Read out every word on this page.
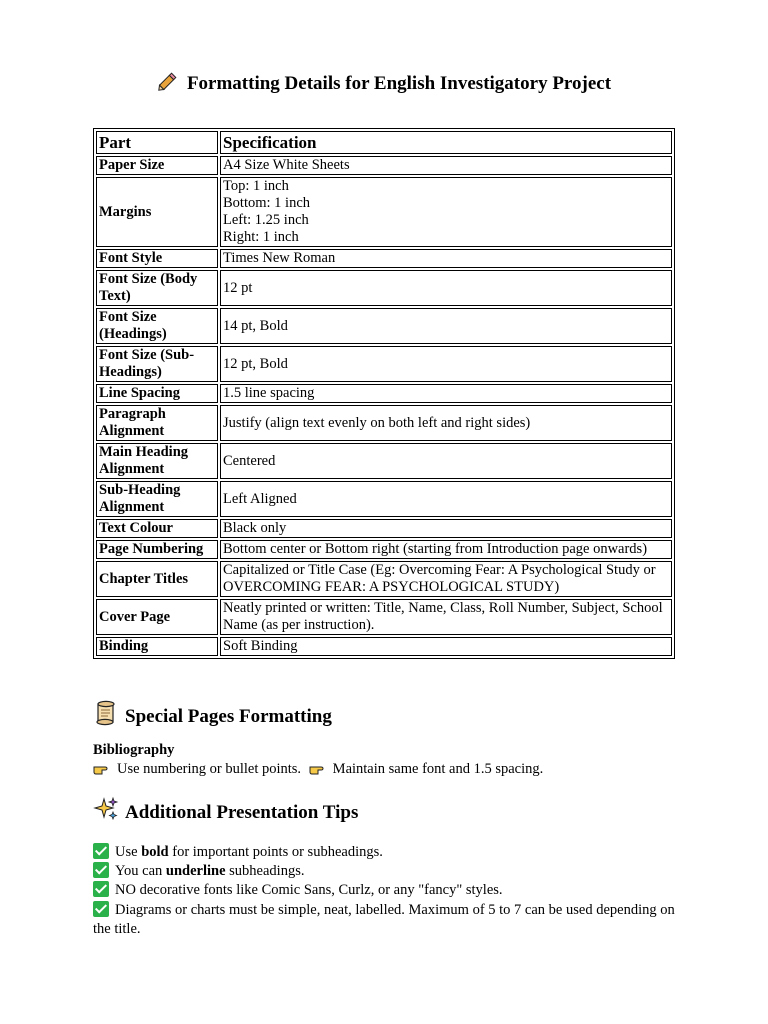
Formatting Details for English Investigatory Project
Part	Specification
Paper Size	A4 Size White Sheets
Margins	Top: 1 inch
Bottom: 1 inch
Left: 1.25 inch
Right: 1 inch
Font Style	Times New Roman
Font Size (Body Text)	12 pt
Font Size (Headings)	14 pt, Bold
Font Size (Sub-Headings)	12 pt, Bold
Line Spacing	1.5 line spacing
Paragraph Alignment	Justify (align text evenly on both left and right sides)
Main Heading Alignment	Centered
Sub-Heading Alignment	Left Aligned
Text Colour	Black only
Page Numbering	Bottom center or Bottom right (starting from Introduction page onwards)
Chapter Titles	Capitalized or Title Case (Eg: Overcoming Fear: A Psychological Study or OVERCOMING FEAR: A PSYCHOLOGICAL STUDY)
Cover Page	Neatly printed or written: Title, Name, Class, Roll Number, Subject, School Name (as per instruction).
Binding	Soft Binding
Special Pages Formatting
Bibliography
Use numbering or bullet points. Maintain same font and 1.5 spacing.
Additional Presentation Tips
Use bold for important points or subheadings.
You can underline subheadings.
NO decorative fonts like Comic Sans, Curlz, or any "fancy" styles.
Diagrams or charts must be simple, neat, labelled. Maximum of 5 to 7 can be used depending on the title.
